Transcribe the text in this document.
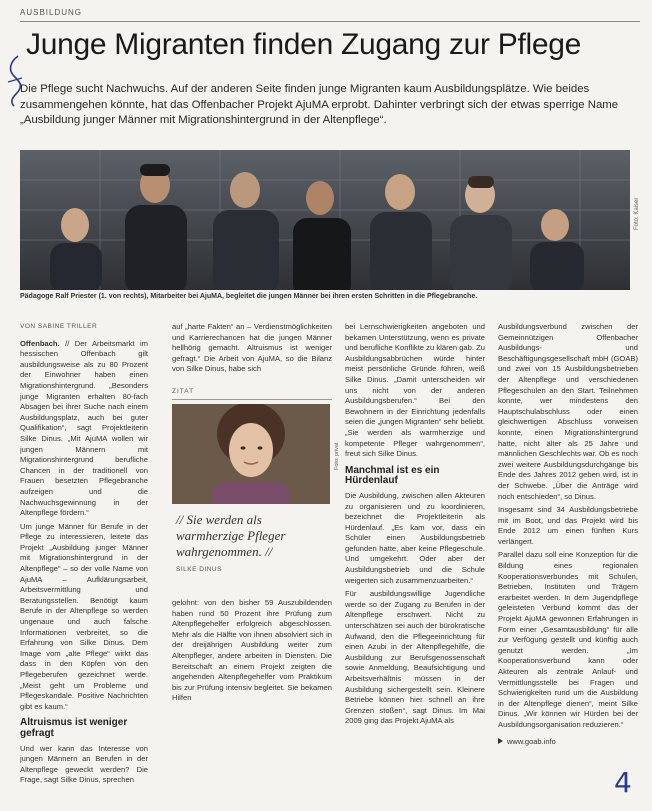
AUSBILDUNG
Junge Migranten finden Zugang zur Pflege

Die Pflege sucht Nachwuchs. Auf der anderen Seite finden junge Migranten kaum Ausbildungsplätze. Wie beides zusammengehen könnte, hat das Offenbacher Projekt AjuMA erprobt. Dahinter verbringt sich der etwas sperrige Name „Ausbildung junger Männer mit Migrationshintergrund in der Altenpflege“.

Foto: Kaiser
Pädagoge Ralf Priester (1. von rechts), Mitarbeiter bei AjuMA, begleitet die jungen Männer bei ihren ersten Schritten in die Pflegebranche.
VON SABINE TRILLER

Offenbach. // Der Arbeitsmarkt im hessischen Offenbach gilt ausbildungsweise als zu 80 Prozent der Einwohner haben einen Migrationshintergrund. „Besonders junge Migranten erhalten 80-fach Absagen bei ihrer Suche nach einem Ausbildungsplatz, auch bei guter Qualifikation“, sagt Projektleiterin Silke Dinus. „Mit AjuMA wollen wir jungen Männern mit Migrationshintergrund berufliche Chancen in der traditionell von Frauen besetzten Pflegebranche aufzeigen und die Nachwuchsgewinnung in der Altenpflege fördern.“

Um junge Männer für Berufe in der Pflege zu interessieren, leitete das Projekt „Ausbildung junger Männer mit Migrationshintergrund in der Altenpflege“ – so der volle Name von AjuMA – Aufklärungsarbeit, Arbeitsvermittlung und Beratungsstellen. Benötigt kaum Berufe in der Altenpflege so werden ungenaue und auch falsche Informationen verbreitet, so die Erfahrung von Silke Dinus. Dem Image vom „alte Pflege“ wirkt das dass in den Köpfen von den Pflegeberufen gezeichnet werde. „Meist geht um Probleme und Pflegeskandale. Positive Nachrichten gibt es kaum.“

Altruismus ist weniger gefragt

Und wer kann das Interesse von jungen Männern an Berufen in der Altenpflege geweckt werden? Die Frage, sagt Silke Dinus, sprechen

auf „harte Fakten“ an – Verdienstmöglichkeiten und Karrierechancen hat die jungen Männer hellhörig gemacht. Altruismus ist weniger gefragt.“ Die Arbeit von AjuMA, so die Bilanz von Silke Dinus, habe sich

ZITAT
// Sie werden als warmherzige Pfleger wahrgenommen. //
SILKE DINUS
Foto: privat

gelohnt: von den bisher 59 Auszubildenden haben rund 50 Prozent ihre Prüfung zum Altenpflegehelfer erfolgreich abgeschlossen. Mehr als die Hälfte von ihnen absolviert sich in der dreijährigen Ausbildung weiter zum Altenpfleger, andere arbeiten in Diensten. Die Bereitschaft an einem Projekt zeigten die angehenden Altenpflegehelfer vom Praktikum bis zur Prüfung intensiv begleitet. Sie bekamen Hilfen

bei Lernschwierigkeiten angeboten und bekamen Unterstützung, wenn es private und berufliche Konflikte zu klären gab. Zu Ausbildungsabbrüchen würde hinter meist persönliche Gründe führen, weiß Silke Dinus. „Damit unterscheiden wir uns nicht von der anderen Ausbildungsberufen.“ Bei den Bewohnern in der Einrichtung jedenfalls seien die „jungen Migranten“ sehr beliebt. „Sie werden als warmherzige und kompetente Pfleger wahrgenommen“, freut sich Silke Dinus.

Manchmal ist es ein Hürdenlauf

Die Ausbildung, zwischen allen Akteuren zu organisieren und zu koordinieren, bezeichnet die Projektleiterin als Hürdenlauf. „Es kam vor, dass ein Schüler einen Ausbildungsbetrieb gefunden hatte, aber keine Pflegeschule. Und umgekehrt. Oder aber der Ausbildungsbetrieb und die Schule weigerten sich zusammenzuarbeiten.“

Für ausbildungswillige Jugendliche werde so der Zugang zu Berufen in der Altenpflege erschwert. Nicht zu unterschätzen sei auch der bürokratische Aufwand, den die Pflegeeinrichtung für einen Azubi in der Altenpflegehilfe, die Ausbildung zur Berufsgenossenschaft sowie Anmeldung, Beaufsichtigung und Arbeitsverhältnis müssen in der Ausbildung sichergestellt sein. Kleinere Betriebe können hier schnell an ihre Grenzen stoßen“, sagt Dinus. Im Mai 2009 ging das Projekt AjuMA als

Ausbildungsverbund zwischen der Gemeinnützigen Offenbacher Ausbildungs- und Beschäftigungsgesellschaft mbH (GOAB) und zwei von 15 Ausbildungsbetrieben der Altenpflege und verschiedenen Pflegeschulen an den Start. Teilnehmen konnte, wer mindestens den Hauptschulabschluss oder einen gleichwertigen Abschluss vorweisen konnte, einen Migrationshintergrund hatte, nicht älter als 25 Jahre und männlichen Geschlechts war. Ob es noch zwei weitere Ausbildungsdurchgänge bis Ende des Jahres 2012 geben wird, ist in der Schwebe. „Über die Anträge wird noch entschieden“, so Dinus.

Insgesamt sind 34 Ausbildungsbetriebe mit im Boot, und das Projekt wird bis Ende 2012 um einen fünften Kurs verlängert.

Parallel dazu soll eine Konzeption für die Bildung eines regionalen Kooperationsverbundes mit Schulen, Betrieben, Instituten und Trägern erarbeitet werden. In dem Jugendpflege geleisteten Verbund kommt das der Projekt AjuMA gewonnen Erfahrungen in Form einer „Gesamtausbildung“ für alle zur Verfügung gestellt und künftig auch genutzt werden. „Im Kooperationsverbund kann oder Akteuren als zentrale Anlauf- und Vermittlungsstelle bei Fragen und Schwierigkeiten rund um die Ausbildung in der Altenpflege dienen“, meint Silke Dinus. „Wir können wir Hürden bei der Ausbildungsorganisation reduzieren.“

www.goab.info
4
